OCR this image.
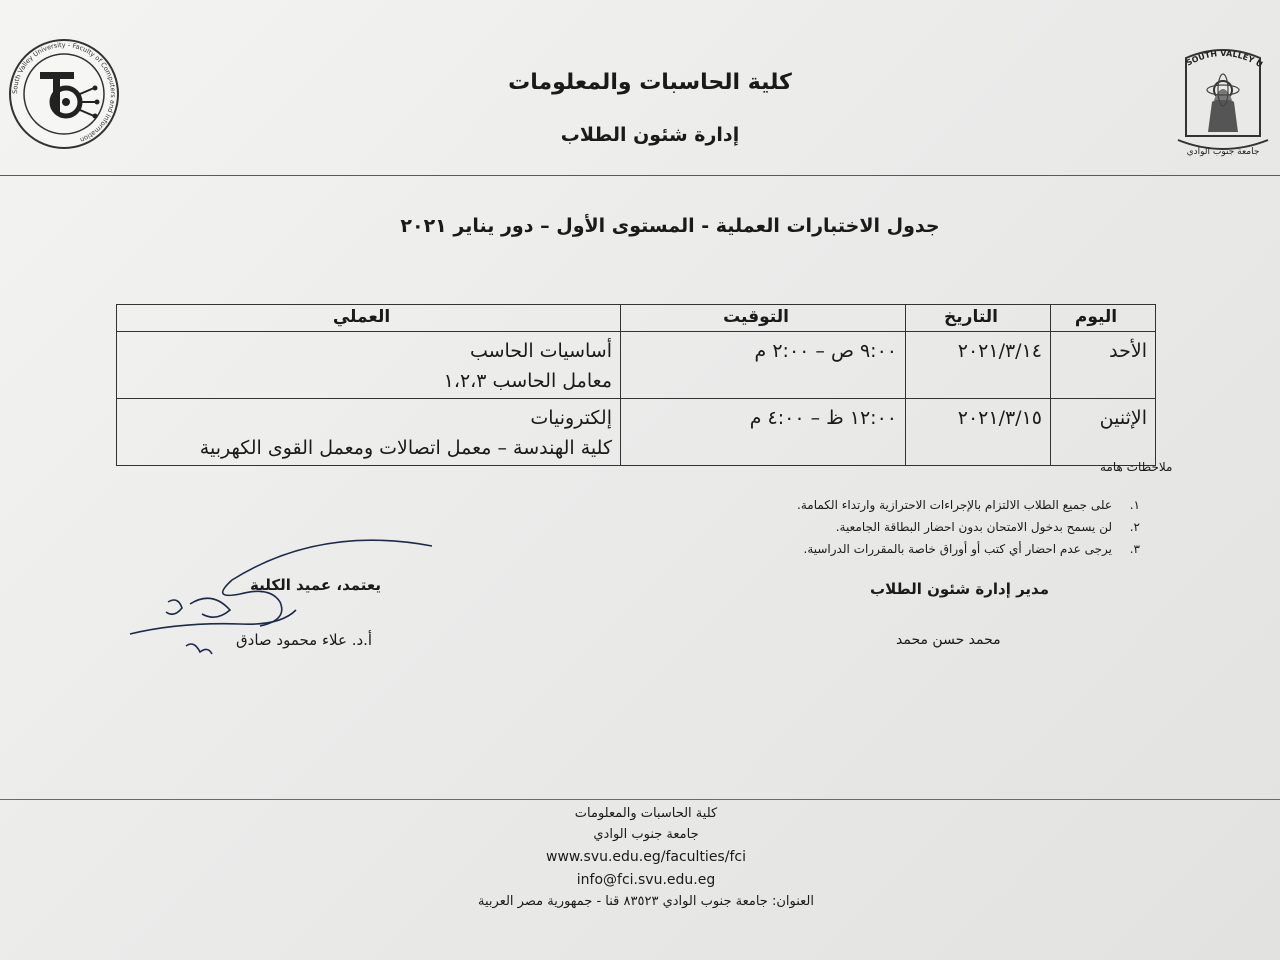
South Valley University - Faculty of Computers and Information
SOUTH VALLEY U
جامعة جنوب الوادي
كلية الحاسبات والمعلومات
إدارة شئون الطلاب
جدول الاختبارات العملية - المستوى الأول – دور يناير ٢٠٢١
اليوم	التاريخ	التوقيت	العملي
الأحد	٢٠٢١/٣/١٤	٩:٠٠ ص – ٢:٠٠ م	أساسيات الحاسب
معامل الحاسب ١،٢،٣

الإثنين	٢٠٢١/٣/١٥	١٢:٠٠ ظ – ٤:٠٠ م	إلكترونيات
كلية الهندسة – معمل اتصالات ومعمل القوى الكهربية
ملاحظات هامة
١.
على جميع الطلاب الالتزام بالإجراءات الاحترازية وارتداء الكمامة.
٢.
لن يسمح بدخول الامتحان بدون احضار البطاقة الجامعية.
٣.
يرجى عدم احضار أي كتب أو أوراق خاصة بالمقررات الدراسية.
يعتمد، عميد الكلية
أ.د. علاء محمود صادق
مدير إدارة شئون الطلاب
محمد حسن محمد
كلية الحاسبات والمعلومات
جامعة جنوب الوادي
www.svu.edu.eg/faculties/fci
info@fci.svu.edu.eg
العنوان: جامعة جنوب الوادي ٨٣٥٢٣ قنا - جمهورية مصر العربية
